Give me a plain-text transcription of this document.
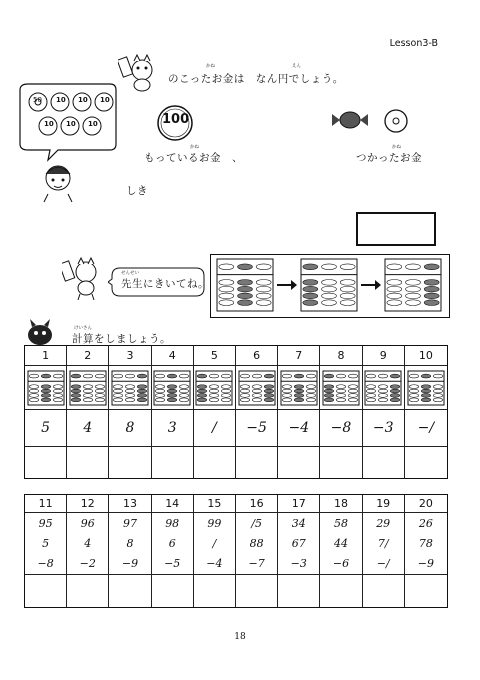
Lesson3-B
のこったお金は　なん円でしょう。
かね	えん
50 10 10 10
10 10 10	100
もっているお金
かね
、	つかったお金
かね
しき
先生にきいてね。
せんせい
計算をしましょう。
けいさん
1	2	3	4	5	6	7	8	9	10
5	4	8	3	/	−5	−4	−8	−3	−/
11	12	13	14	15	16	17	18	19	20
95	96	97	98	99	/5	34	58	29	26
5	4	8	6	/	88	67	44	7/	78
−8	−2	−9	−5	−4	−7	−3	−6	−/	−9
18
